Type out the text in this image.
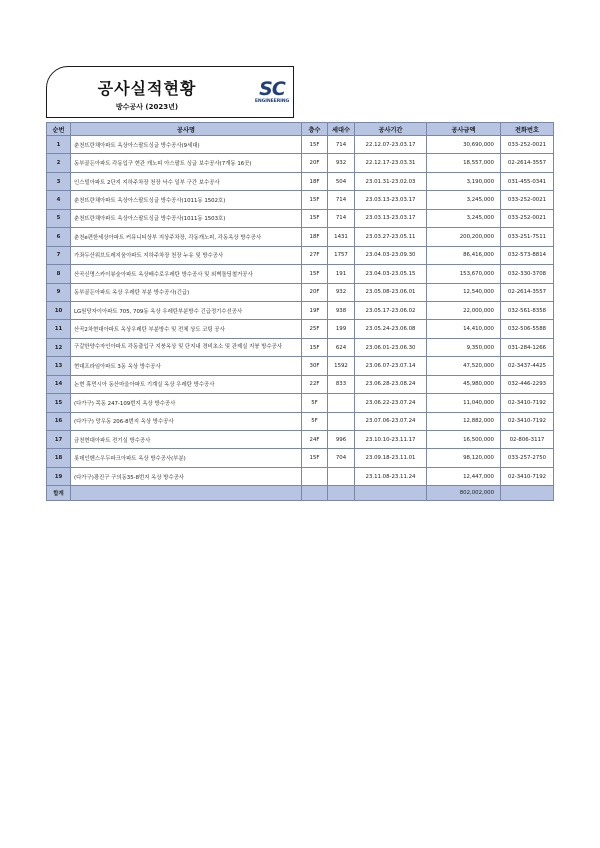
공사실적현황
방수공사 (2023년)
SC
ENGINEERING
순번	공사명	층수	세대수	공사기간	공사금액	전화번호
1	춘천뜨란채아파트 옥상아스팔트싱글 방수공사(9세대)	15F	714	22.12.07-23.03.17	30,690,000	033-252-0021
2	동부골든아파트 각동입구 현관 캐노피 아스팔트 싱글 보수공사(7개동 16곳)	20F	932	22.12.17-23.03.31	18,557,000	02-2614-3557
3	인스빌아파트 2단지 지하주차장 천장 낙수 일부 구간 보수공사	18F	504	23.01.31-23.02.03	3,190,000	031-455-0341
4	춘천뜨란채아파트 옥상아스팔트싱글 방수공사(1011동 1502호)	15F	714	23.03.13-23.03.17	3,245,000	033-252-0021
5	춘천뜨란채아파트 옥상아스팔트싱글 방수공사(1011동 1503호)	15F	714	23.03.13-23.03.17	3,245,000	033-252-0021
6	춘천e편한세상아파트 커뮤니티상부 지상주차장, 각동캐노피, 각동옥상 방수공사	18F	1431	23.03.27-23.05.11	200,200,000	033-251-7511
7	가좌두산위브트레지움아파트 지하주차장 천장 누유 및 방수공사	27F	1757	23.04.03-23.09.30	86,416,000	032-573-8814
8	산곡신명스카이뷰숲아파트 옥상배수로우레탄 방수공사 및 외벽돌딩철거공사	15F	191	23.04.03-23.05.15	153,670,000	032-330-3708
9	동부골든아파트 옥상 우레탄 부분 방수공사(긴급)	20F	932	23.05.08-23.06.01	12,540,000	02-2614-3557
10	LG원당자이아파트 705, 709동 옥상 우레탄부분방수 긴급정기수선공사	19F	938	23.05.17-23.06.02	22,000,000	032-561-8358
11	산곡2차현대아파트 옥상우레탄 부분방수 및 전체 상도 코팅 공사	25F	199	23.05.24-23.06.08	14,410,000	032-506-5588
12	구갈한양수자인아파트 각동출입구 지붕옥상 및 단지내 경비초소 및 관제실 지붕 방수공사	15F	624	23.06.01-23.06.30	9,350,000	031-284-1266
13	현대프라임아파트 3동 옥상 방수공사	30F	1592	23.06.07-23.07.14	47,520,000	02-3437-4425
14	논현 휴먼시아 동산마을아파트 기계실 옥상 우레탄 방수공사	22F	833	23.06.28-23.08.24	45,980,000	032-446-2293
15	(다가구) 목동 247-109번지 옥상 방수공사	5F		23.06.22-23.07.24	11,040,000	02-3410-7192
16	(다가구) 망우동 206-8번지 옥상 방수공사	5F		23.07.06-23.07.24	12,882,000	02-3410-7192
17	금천현대아파트 전기실 방수공사	24F	996	23.10.10-23.11.17	16,500,000	02-806-3117
18	롯데인벤스우두파크아파트 옥상 방수공사(부분)	15F	704	23.09.18-23.11.01	98,120,000	033-257-2750
19	(다가구)광진구 구의동35-8번지 옥상 방수공사			23.11.08-23.11.24	12,447,000	02-3410-7192
합계					802,002,000	
